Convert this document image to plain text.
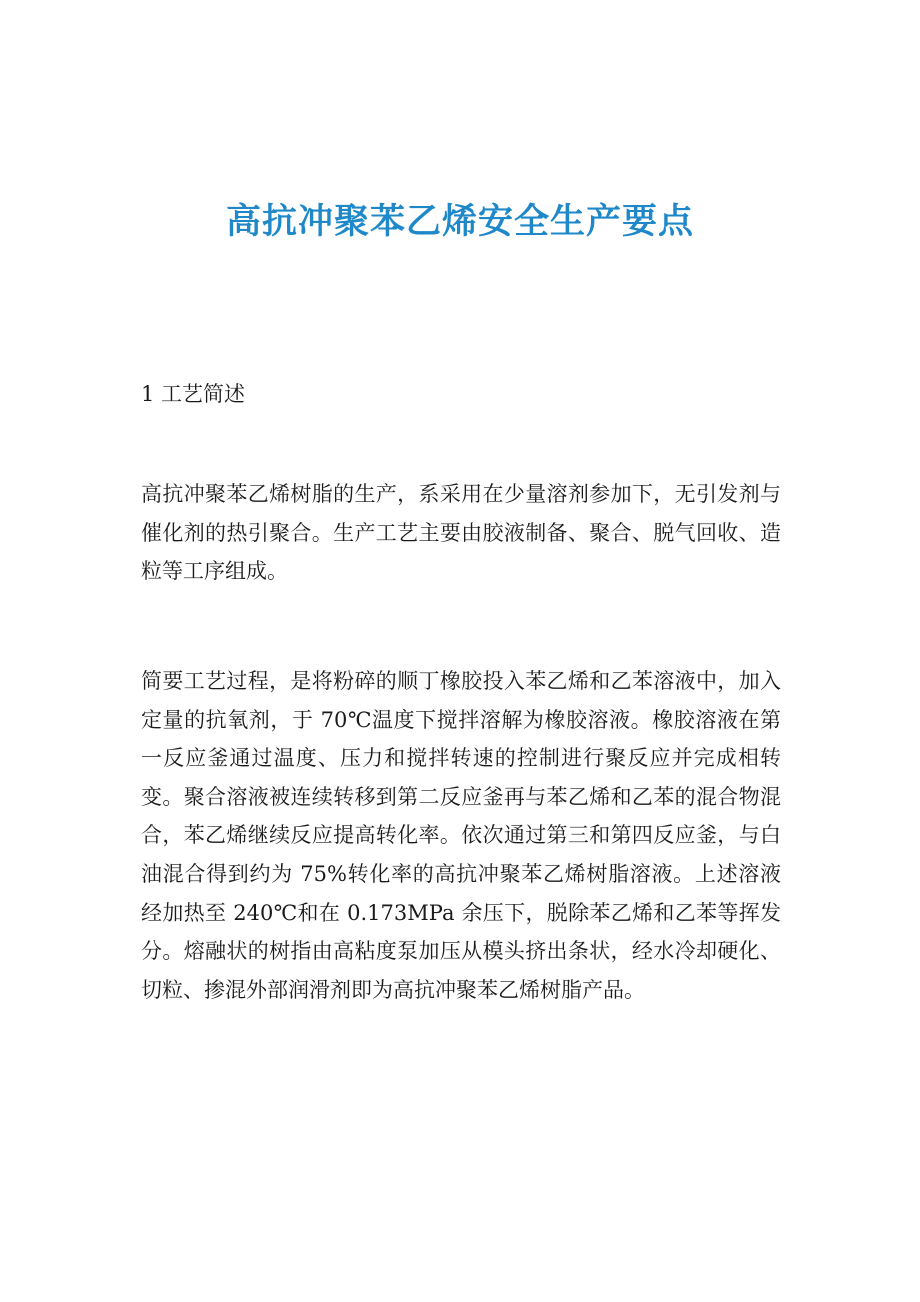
高抗冲聚苯乙烯安全生产要点
1 工艺简述

高抗冲聚苯乙烯树脂的生产，系采用在少量溶剂参加下，无引发剂与催化剂的热引聚合。生产工艺主要由胶液制备、聚合、脱气回收、造粒等工序组成。

简要工艺过程，是将粉碎的顺丁橡胶投入苯乙烯和乙苯溶液中，加入定量的抗氧剂，于 70℃温度下搅拌溶解为橡胶溶液。橡胶溶液在第一反应釜通过温度、压力和搅拌转速的控制进行聚反应并完成相转变。聚合溶液被连续转移到第二反应釜再与苯乙烯和乙苯的混合物混合，苯乙烯继续反应提高转化率。依次通过第三和第四反应釜，与白油混合得到约为 75%转化率的高抗冲聚苯乙烯树脂溶液。上述溶液经加热至 240℃和在 0.173MPa 余压下，脱除苯乙烯和乙苯等挥发分。熔融状的树指由高粘度泵加压从模头挤出条状，经水冷却硬化、切粒、掺混外部润滑剂即为高抗冲聚苯乙烯树脂产品。
